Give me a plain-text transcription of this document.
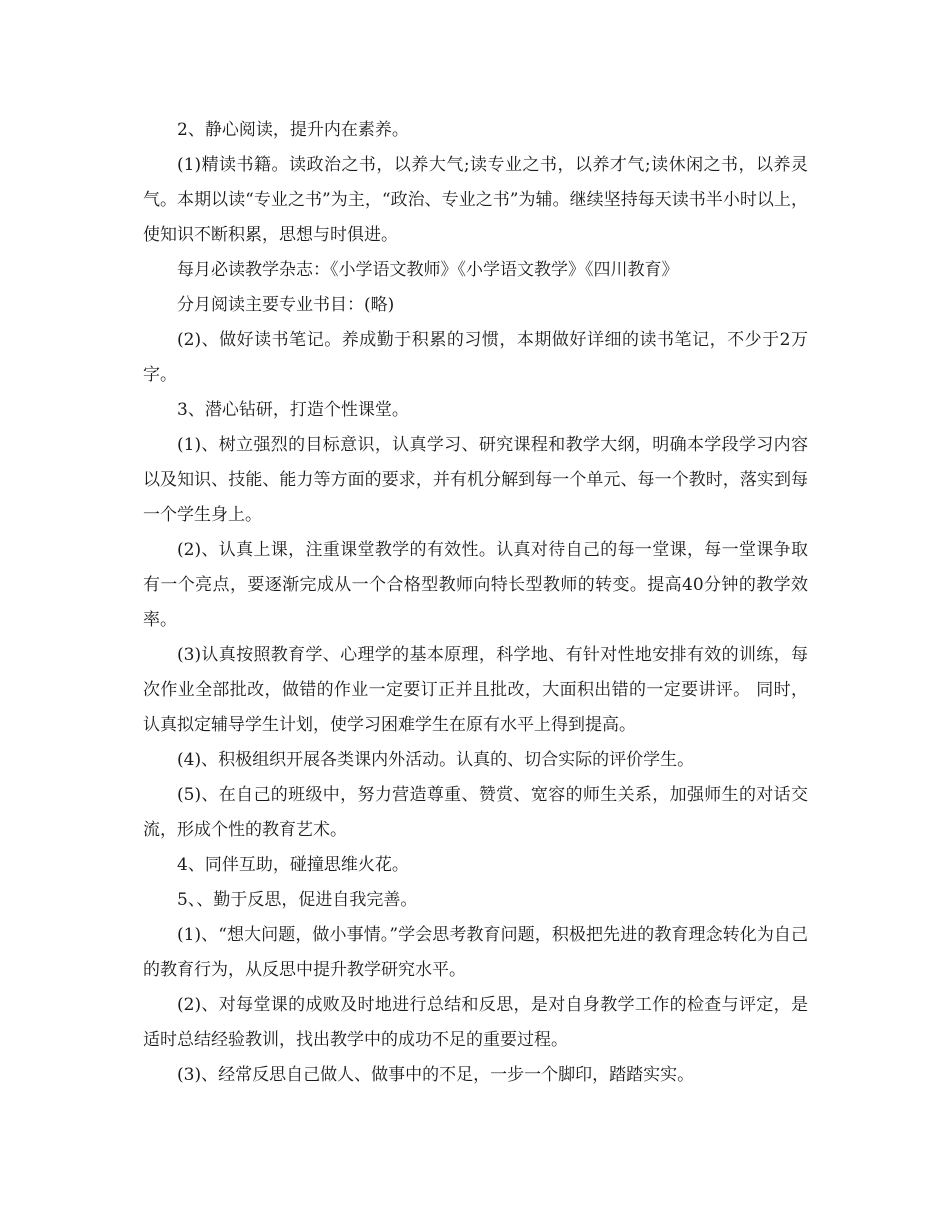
2、静心阅读，提升内在素养。

(1)精读书籍。读政治之书，以养大气;读专业之书，以养才气;读休闲之书，以养灵气。本期以读“专业之书”为主，“政治、专业之书”为辅。继续坚持每天读书半小时以上，使知识不断积累，思想与时俱进。

每月必读教学杂志：《小学语文教师》《小学语文教学》《四川教育》

分月阅读主要专业书目：(略)

(2)、做好读书笔记。养成勤于积累的习惯，本期做好详细的读书笔记，不少于2万字。

3、潜心钻研，打造个性课堂。

(1)、树立强烈的目标意识，认真学习、研究课程和教学大纲，明确本学段学习内容以及知识、技能、能力等方面的要求，并有机分解到每一个单元、每一个教时，落实到每一个学生身上。

(2)、认真上课，注重课堂教学的有效性。认真对待自己的每一堂课，每一堂课争取有一个亮点，要逐渐完成从一个合格型教师向特长型教师的转变。提高40分钟的教学效率。

(3)认真按照教育学、心理学的基本原理，科学地、有针对性地安排有效的训练，每次作业全部批改，做错的作业一定要订正并且批改，大面积出错的一定要讲评。 同时，认真拟定辅导学生计划，使学习困难学生在原有水平上得到提高。

(4)、积极组织开展各类课内外活动。认真的、切合实际的评价学生。

(5)、在自己的班级中，努力营造尊重、赞赏、宽容的师生关系，加强师生的对话交流，形成个性的教育艺术。

4、同伴互助，碰撞思维火花。

5、、勤于反思，促进自我完善。

(1)、“想大问题，做小事情。”学会思考教育问题，积极把先进的教育理念转化为自己的教育行为，从反思中提升教学研究水平。

(2)、对每堂课的成败及时地进行总结和反思，是对自身教学工作的检查与评定，是适时总结经验教训，找出教学中的成功不足的重要过程。

(3)、经常反思自己做人、做事中的不足，一步一个脚印，踏踏实实。
